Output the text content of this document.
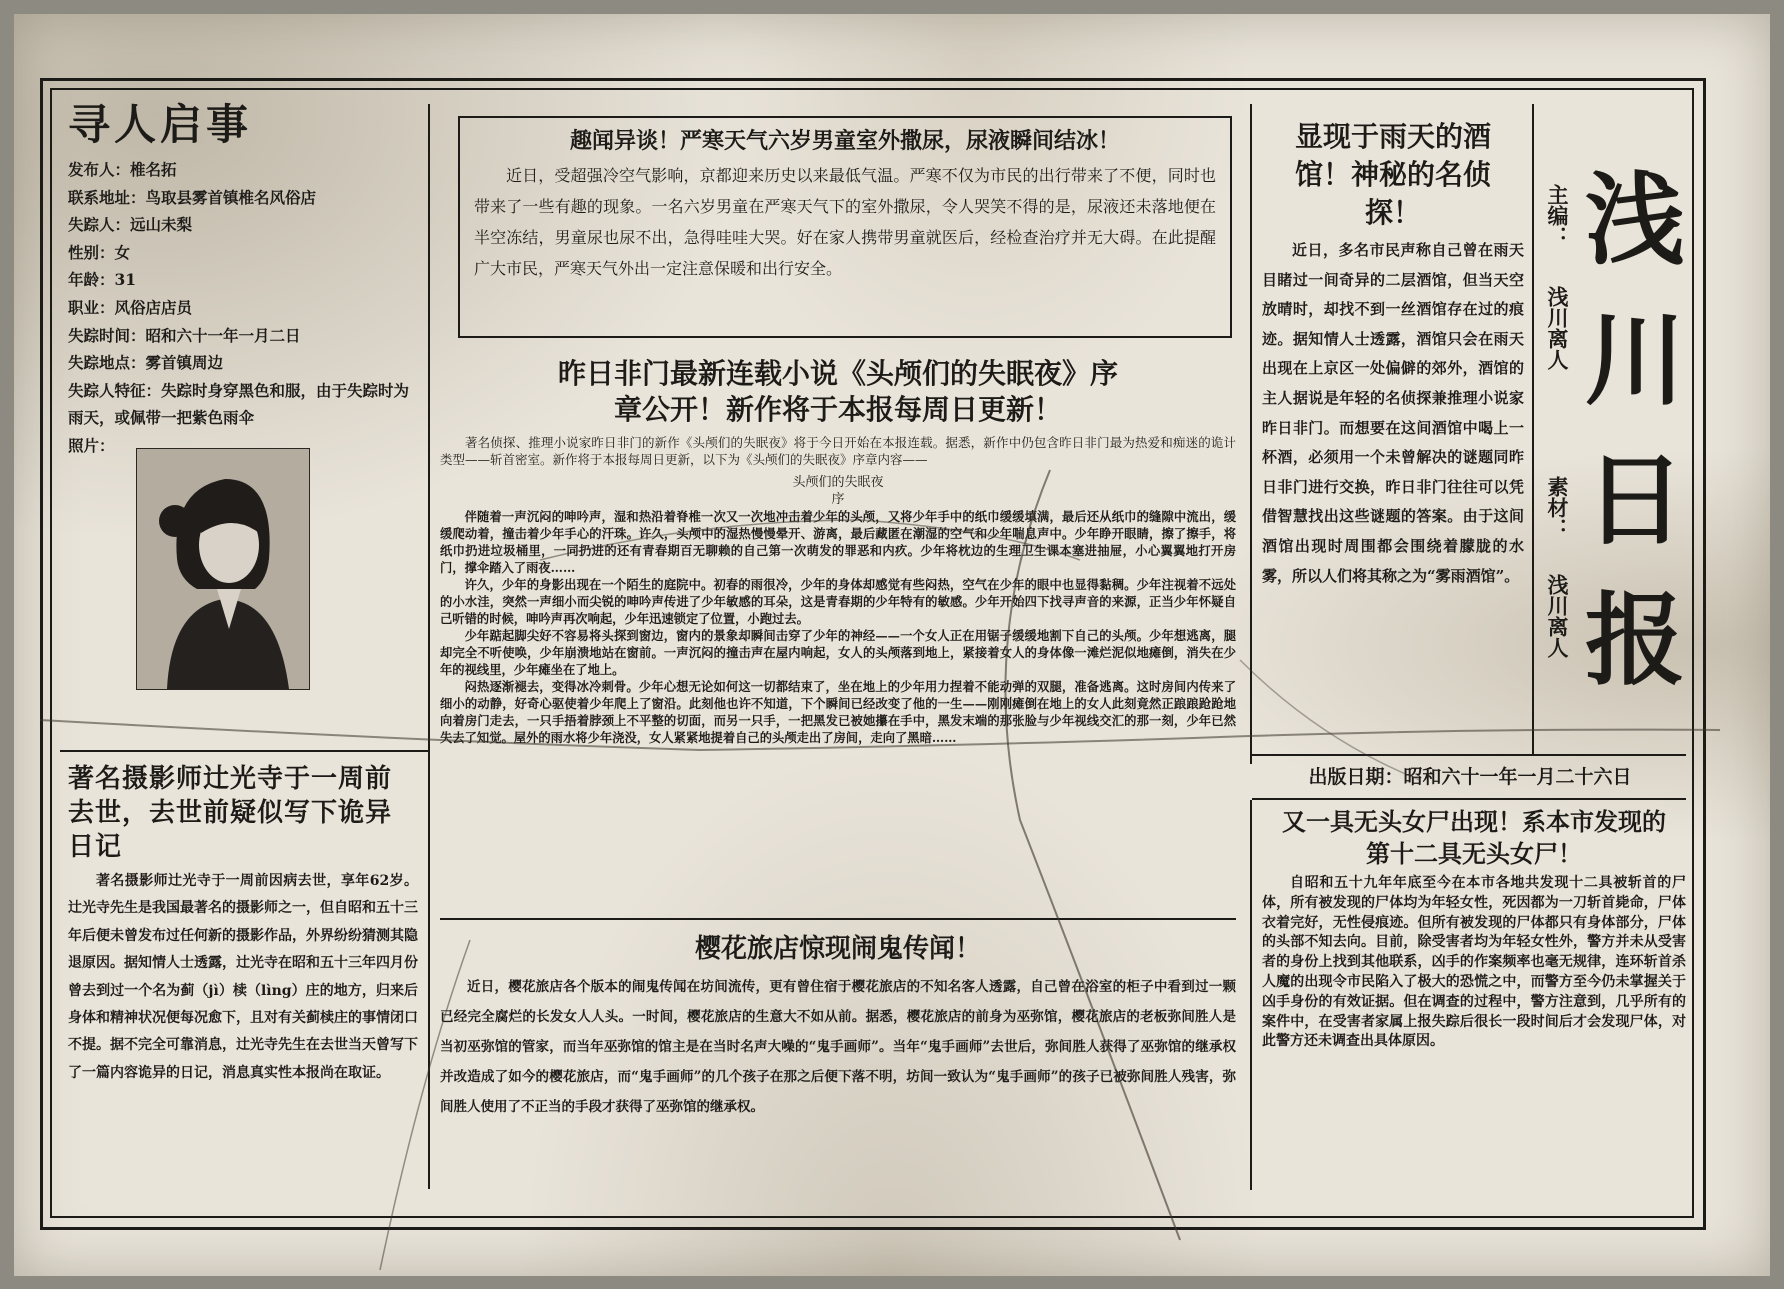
寻人启事
发布人：椎名拓
联系地址：鸟取县雾首镇椎名风俗店
失踪人：远山未梨
性别：女
年龄：31
职业：风俗店店员
失踪时间：昭和六十一年一月二日
失踪地点：雾首镇周边
失踪人特征：失踪时身穿黑色和服，由于失踪时为雨天，或佩带一把紫色雨伞
照片：
著名摄影师辻光寺于一周前去世，去世前疑似写下诡异日记

著名摄影师辻光寺于一周前因病去世，享年62岁。辻光寺先生是我国最著名的摄影师之一，但自昭和五十三年后便未曾发布过任何新的摄影作品，外界纷纷猜测其隐退原因。据知情人士透露，辻光寺在昭和五十三年四月份曾去到过一个名为蓟（jì）椟（lìng）庄的地方，归来后身体和精神状况便每况愈下，且对有关蓟椟庄的事情闭口不提。据不完全可靠消息，辻光寺先生在去世当天曾写下了一篇内容诡异的日记，消息真实性本报尚在取证。

趣闻异谈！严寒天气六岁男童室外撒尿，尿液瞬间结冰！

近日，受超强冷空气影响，京都迎来历史以来最低气温。严寒不仅为市民的出行带来了不便，同时也带来了一些有趣的现象。一名六岁男童在严寒天气下的室外撒尿，令人哭笑不得的是，尿液还未落地便在半空冻结，男童尿也尿不出，急得哇哇大哭。好在家人携带男童就医后，经检查治疗并无大碍。在此提醒广大市民，严寒天气外出一定注意保暖和出行安全。

昨日非门最新连载小说《头颅们的失眠夜》序
章公开！新作将于本报每周日更新！

著名侦探、推理小说家昨日非门的新作《头颅们的失眠夜》将于今日开始在本报连载。据悉，新作中仍包含昨日非门最为热爱和痴迷的诡计类型——斩首密室。新作将于本报每周日更新，以下为《头颅们的失眠夜》序章内容——

头颅们的失眠夜
序

伴随着一声沉闷的呻吟声，湿和热沿着脊椎一次又一次地冲击着少年的头颅，又将少年手中的纸巾缓缓填满，最后还从纸巾的缝隙中流出，缓缓爬动着，撞击着少年手心的汗珠。许久，头颅中的湿热慢慢晕开、游离，最后藏匿在潮湿的空气和少年喘息声中。少年睁开眼睛，擦了擦手，将纸巾扔进垃圾桶里，一同扔进的还有青春期百无聊赖的自己第一次萌发的罪恶和内疚。少年将枕边的生理卫生课本塞进抽屉，小心翼翼地打开房门，撑伞踏入了雨夜……

许久，少年的身影出现在一个陌生的庭院中。初春的雨很冷，少年的身体却感觉有些闷热，空气在少年的眼中也显得黏稠。少年注视着不远处的小水洼，突然一声细小而尖锐的呻吟声传进了少年敏感的耳朵，这是青春期的少年特有的敏感。少年开始四下找寻声音的来源，正当少年怀疑自己听错的时候，呻吟声再次响起，少年迅速锁定了位置，小跑过去。

少年踮起脚尖好不容易将头探到窗边，窗内的景象却瞬间击穿了少年的神经——一个女人正在用锯子缓缓地割下自己的头颅。少年想逃离，腿却完全不听使唤，少年崩溃地站在窗前。一声沉闷的撞击声在屋内响起，女人的头颅落到地上，紧接着女人的身体像一滩烂泥似地瘫倒，消失在少年的视线里，少年瘫坐在了地上。

闷热逐渐褪去，变得冰冷刺骨。少年心想无论如何这一切都结束了，坐在地上的少年用力捏着不能动弹的双腿，准备逃离。这时房间内传来了细小的动静，好奇心驱使着少年爬上了窗沿。此刻他也许不知道，下个瞬间已经改变了他的一生——刚刚瘫倒在地上的女人此刻竟然正踉踉跄跄地向着房门走去，一只手捂着脖颈上不平整的切面，而另一只手，一把黑发已被她攥在手中，黑发末端的那张脸与少年视线交汇的那一刻，少年已然失去了知觉。屋外的雨水将少年浇没，女人紧紧地提着自己的头颅走出了房间，走向了黑暗……

樱花旅店惊现闹鬼传闻！

近日，樱花旅店各个版本的闹鬼传闻在坊间流传，更有曾住宿于樱花旅店的不知名客人透露，自己曾在浴室的柜子中看到过一颗已经完全腐烂的长发女人人头。一时间，樱花旅店的生意大不如从前。据悉，樱花旅店的前身为巫弥馆，樱花旅店的老板弥间胜人是当初巫弥馆的管家，而当年巫弥馆的馆主是在当时名声大噪的“鬼手画师”。当年“鬼手画师”去世后，弥间胜人获得了巫弥馆的继承权并改造成了如今的樱花旅店，而“鬼手画师”的几个孩子在那之后便下落不明，坊间一致认为“鬼手画师”的孩子已被弥间胜人残害，弥间胜人使用了不正当的手段才获得了巫弥馆的继承权。

显现于雨天的酒馆！神秘的名侦探！

近日，多名市民声称自己曾在雨天目睹过一间奇异的二层酒馆，但当天空放晴时，却找不到一丝酒馆存在过的痕迹。据知情人士透露，酒馆只会在雨天出现在上京区一处偏僻的郊外，酒馆的主人据说是年轻的名侦探兼推理小说家昨日非门。而想要在这间酒馆中喝上一杯酒，必须用一个未曾解决的谜题同昨日非门进行交换，昨日非门往往可以凭借智慧找出这些谜题的答案。由于这间酒馆出现时周围都会围绕着朦胧的水雾，所以人们将其称之为“雾雨酒馆”。

浅
川
日
报
主编：
浅川离人
素材：
浅川离人
出版日期：昭和六十一年一月二十六日
又一具无头女尸出现！系本市发现的第十二具无头女尸！

自昭和五十九年年底至今在本市各地共发现十二具被斩首的尸体，所有被发现的尸体均为年轻女性，死因都为一刀斩首毙命，尸体衣着完好，无性侵痕迹。但所有被发现的尸体都只有身体部分，尸体的头部不知去向。目前，除受害者均为年轻女性外，警方并未从受害者的身份上找到其他联系，凶手的作案频率也毫无规律，连环斩首杀人魔的出现令市民陷入了极大的恐慌之中，而警方至今仍未掌握关于凶手身份的有效证据。但在调查的过程中，警方注意到，几乎所有的案件中，在受害者家属上报失踪后很长一段时间后才会发现尸体，对此警方还未调查出具体原因。
